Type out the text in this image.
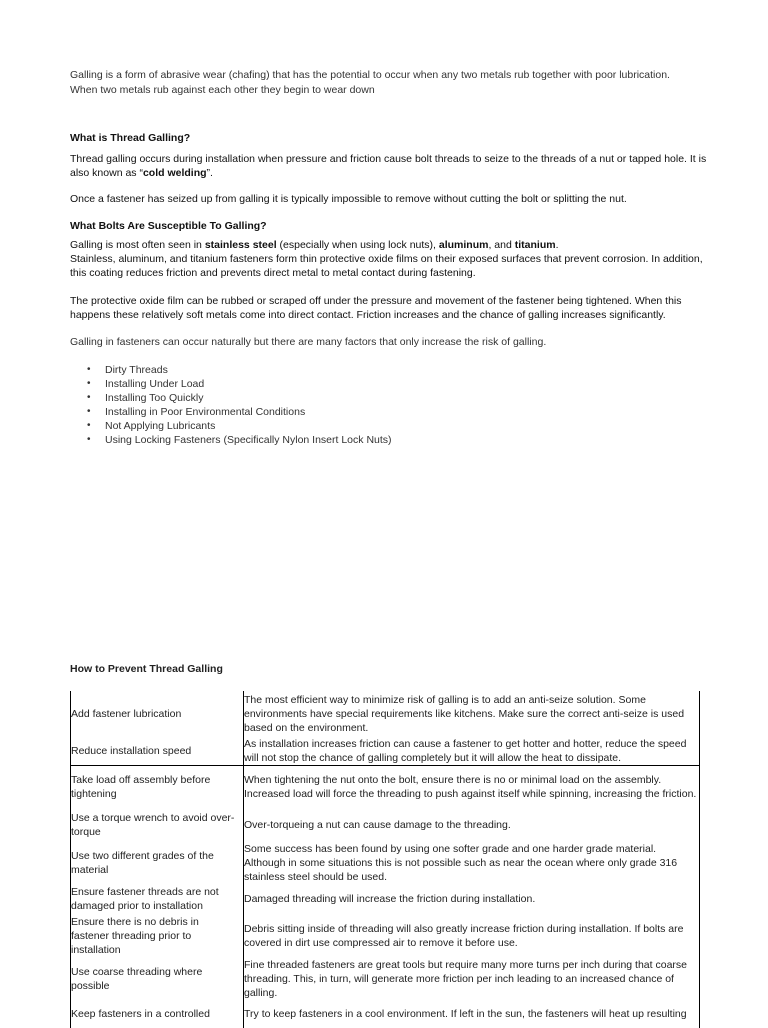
Galling is a form of abrasive wear (chafing) that has the potential to occur when any two metals rub together with poor lubrication.

When two metals rub against each other they begin to wear down

What is Thread Galling?

Thread galling occurs during installation when pressure and friction cause bolt threads to seize to the threads of a nut or tapped hole. It is also known as “cold welding”.

Once a fastener has seized up from galling it is typically impossible to remove without cutting the bolt or splitting the nut.

What Bolts Are Susceptible To Galling?

Galling is most often seen in stainless steel (especially when using lock nuts), aluminum, and titanium.

Stainless, aluminum, and titanium fasteners form thin protective oxide films on their exposed surfaces that prevent corrosion. In addition, this coating reduces friction and prevents direct metal to metal contact during fastening.

The protective oxide film can be rubbed or scraped off under the pressure and movement of the fastener being tightened. When this happens these relatively soft metals come into direct contact. Friction increases and the chance of galling increases significantly.

Galling in fasteners can occur naturally but there are many factors that only increase the risk of galling.

• Dirty Threads
• Installing Under Load
• Installing Too Quickly
• Installing in Poor Environmental Conditions
• Not Applying Lubricants
• Using Locking Fasteners (Specifically Nylon Insert Lock Nuts)
How to Prevent Thread Galling
Add fastener lubrication	The most efficient way to minimize risk of galling is to add an anti-seize solution. Some environments have special requirements like kitchens. Make sure the correct anti-seize is used based on the environment.
Reduce installation speed	As installation increases friction can cause a fastener to get hotter and hotter, reduce the speed will not stop the chance of galling completely but it will allow the heat to dissipate.
Take load off assembly before tightening	When tightening the nut onto the bolt, ensure there is no or minimal load on the assembly. Increased load will force the threading to push against itself while spinning, increasing the friction.
Use a torque wrench to avoid over-torque	Over-torqueing a nut can cause damage to the threading.
Use two different grades of the material	Some success has been found by using one softer grade and one harder grade material. Although in some situations this is not possible such as near the ocean where only grade 316 stainless steel should be used.
Ensure fastener threads are not damaged prior to installation	Damaged threading will increase the friction during installation.
Ensure there is no debris in fastener threading prior to installation	Debris sitting inside of threading will also greatly increase friction during installation. If bolts are covered in dirt use compressed air to remove it before use.
Use coarse threading where possible	Fine threaded fasteners are great tools but require many more turns per inch during that coarse threading. This, in turn, will generate more friction per inch leading to an increased chance of galling.
Keep fasteners in a controlled	Try to keep fasteners in a cool environment. If left in the sun, the fasteners will heat up resulting
